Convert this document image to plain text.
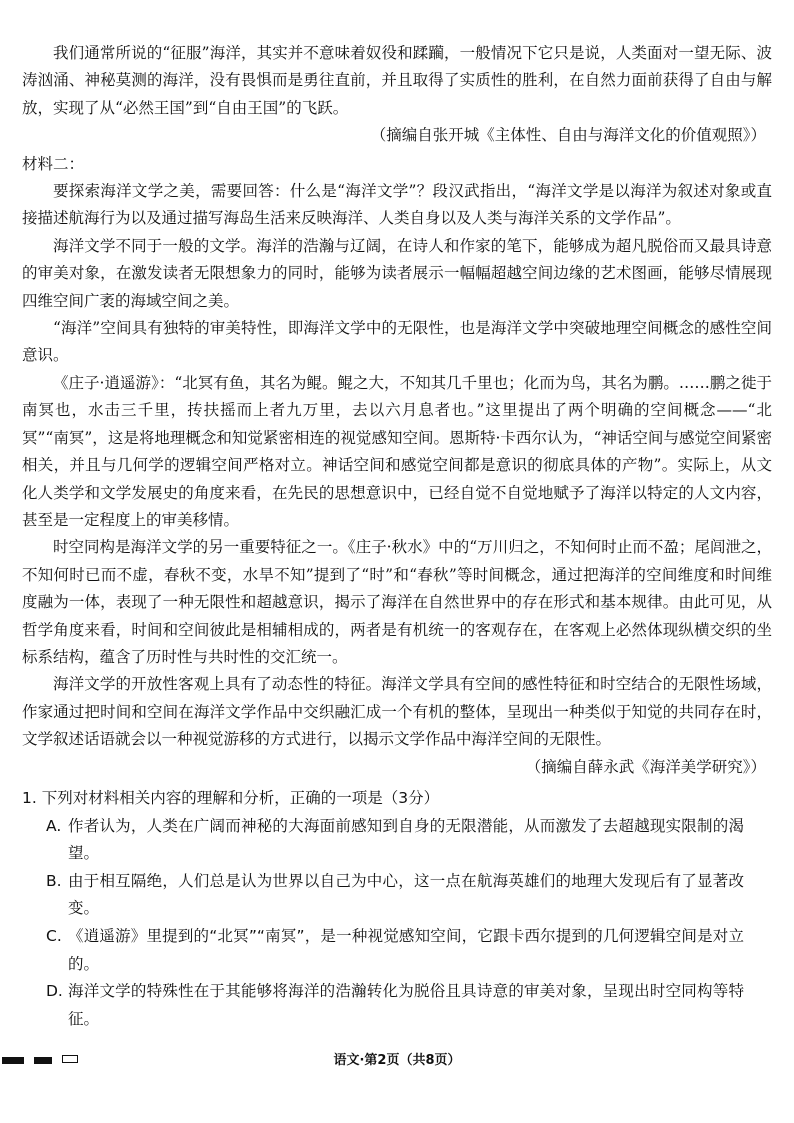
我们通常所说的“征服”海洋，其实并不意味着奴役和蹂躏，一般情况下它只是说，人类面对一望无际、波涛汹涌、神秘莫测的海洋，没有畏惧而是勇往直前，并且取得了实质性的胜利，在自然力面前获得了自由与解放，实现了从“必然王国”到“自由王国”的飞跃。

（摘编自张开城《主体性、自由与海洋文化的价值观照》）

材料二：

要探索海洋文学之美，需要回答：什么是“海洋文学”？段汉武指出，“海洋文学是以海洋为叙述对象或直接描述航海行为以及通过描写海岛生活来反映海洋、人类自身以及人类与海洋关系的文学作品”。

海洋文学不同于一般的文学。海洋的浩瀚与辽阔，在诗人和作家的笔下，能够成为超凡脱俗而又最具诗意的审美对象，在激发读者无限想象力的同时，能够为读者展示一幅幅超越空间边缘的艺术图画，能够尽情展现四维空间广袤的海域空间之美。

“海洋”空间具有独特的审美特性，即海洋文学中的无限性，也是海洋文学中突破地理空间概念的感性空间意识。

《庄子·逍遥游》：“北冥有鱼，其名为鲲。鲲之大，不知其几千里也；化而为鸟，其名为鹏。……鹏之徙于南冥也，水击三千里，抟扶摇而上者九万里，去以六月息者也。”这里提出了两个明确的空间概念——“北冥”“南冥”，这是将地理概念和知觉紧密相连的视觉感知空间。恩斯特·卡西尔认为，“神话空间与感觉空间紧密相关，并且与几何学的逻辑空间严格对立。神话空间和感觉空间都是意识的彻底具体的产物”。实际上，从文化人类学和文学发展史的角度来看，在先民的思想意识中，已经自觉不自觉地赋予了海洋以特定的人文内容，甚至是一定程度上的审美移情。

时空同构是海洋文学的另一重要特征之一。《庄子·秋水》中的“万川归之，不知何时止而不盈；尾闾泄之，不知何时已而不虚，春秋不变，水旱不知”提到了“时”和“春秋”等时间概念，通过把海洋的空间维度和时间维度融为一体，表现了一种无限性和超越意识，揭示了海洋在自然世界中的存在形式和基本规律。由此可见，从哲学角度来看，时间和空间彼此是相辅相成的，两者是有机统一的客观存在，在客观上必然体现纵横交织的坐标系结构，蕴含了历时性与共时性的交汇统一。

海洋文学的开放性客观上具有了动态性的特征。海洋文学具有空间的感性特征和时空结合的无限性场域，作家通过把时间和空间在海洋文学作品中交织融汇成一个有机的整体，呈现出一种类似于知觉的共同存在时，文学叙述话语就会以一种视觉游移的方式进行，以揭示文学作品中海洋空间的无限性。

（摘编自薛永武《海洋美学研究》）

1. 下列对材料相关内容的理解和分析，正确的一项是（3分）

A. 作者认为，人类在广阔而神秘的大海面前感知到自身的无限潜能，从而激发了去超越现实限制的渴望。
B. 由于相互隔绝，人们总是认为世界以自己为中心，这一点在航海英雄们的地理大发现后有了显著改变。
C. 《逍遥游》里提到的“北冥”“南冥”，是一种视觉感知空间，它跟卡西尔提到的几何逻辑空间是对立的。
D. 海洋文学的特殊性在于其能够将海洋的浩瀚转化为脱俗且具诗意的审美对象，呈现出时空同构等特征。
语文·第2页（共8页）
